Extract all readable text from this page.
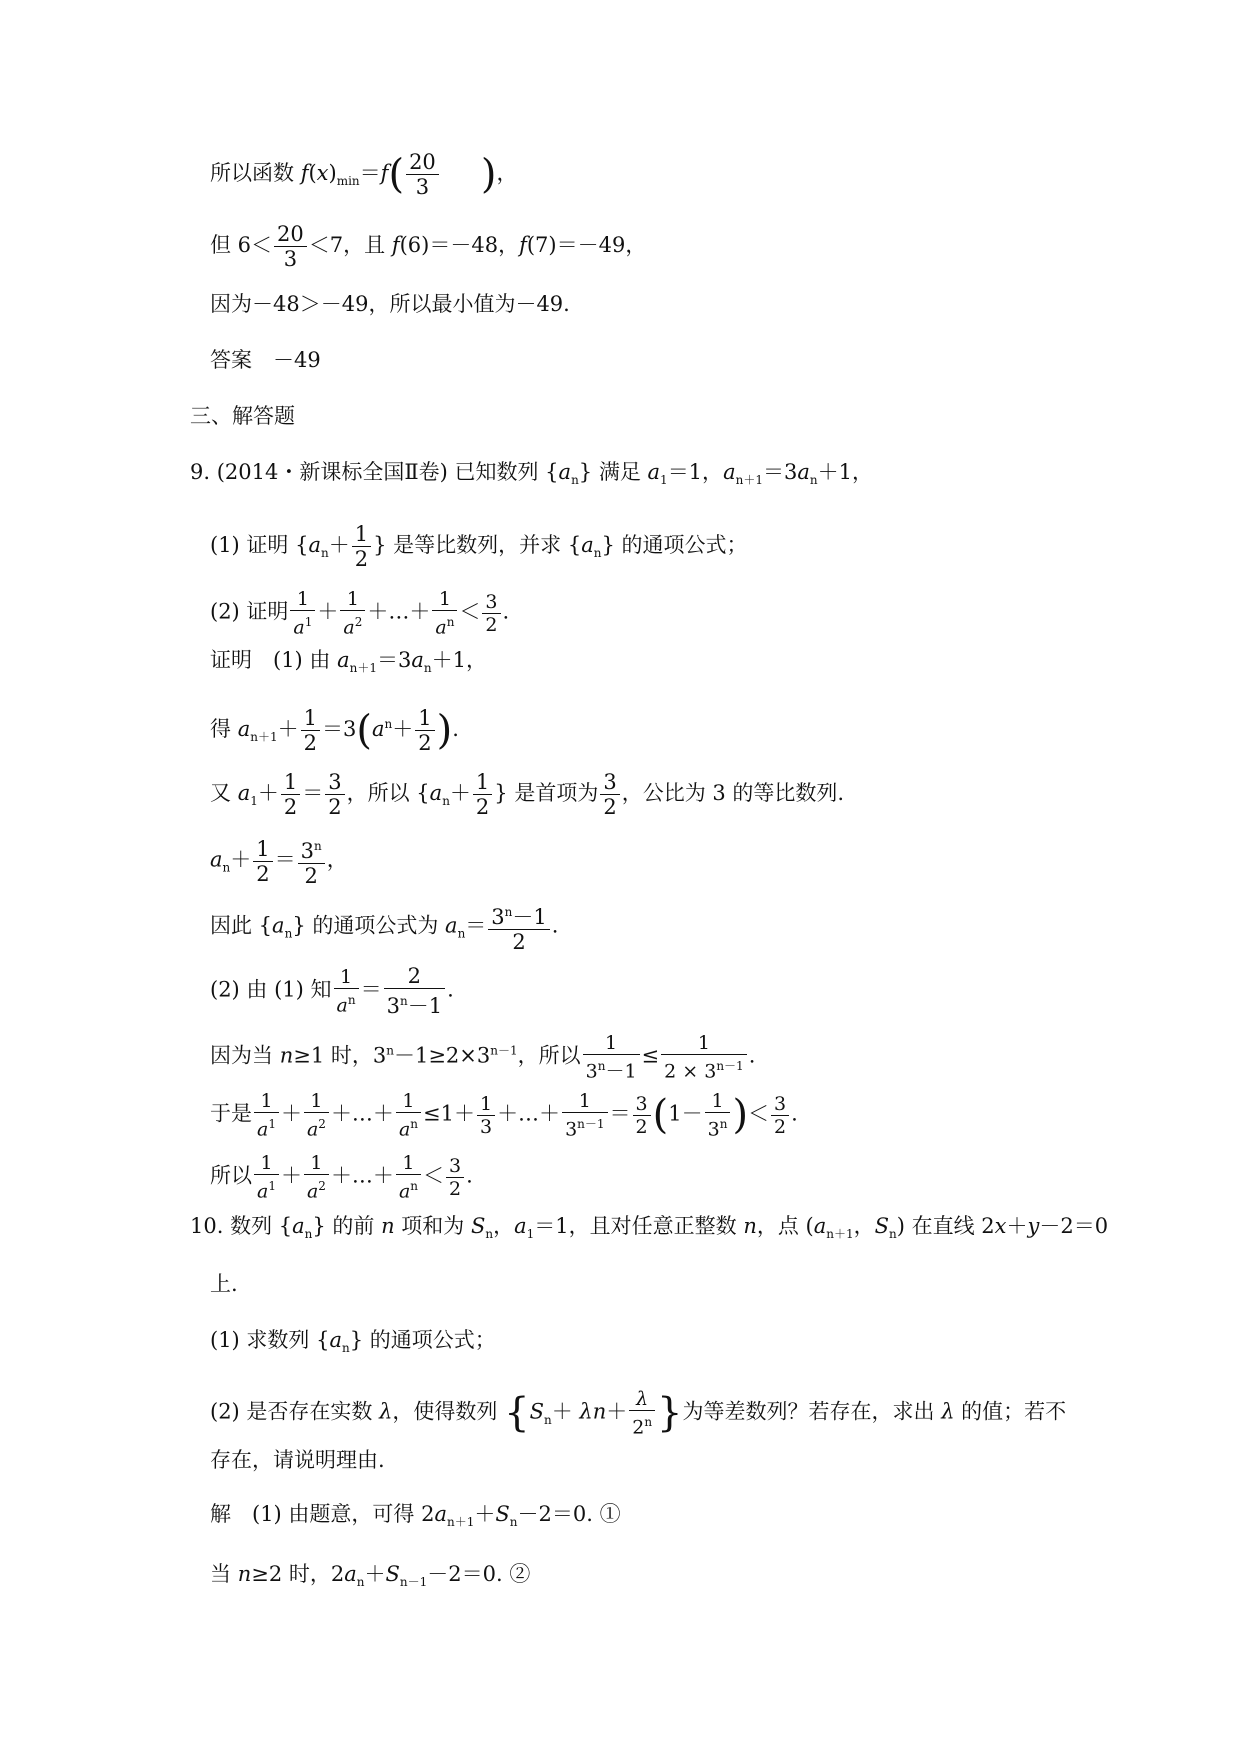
所以函数 $f(x)_{min}=f( \frac{20}{3}$ )，
但 $6< \frac{20}{3} <7$，且 f(6)＝－48，f(7)＝－49，
因为－48＞－49，所以最小值为－49.
答案　－49
三、解答题
9. (2014・新课标全国Ⅱ卷) 已知数列 $\{a_n\}$ 满足 $a_1=1$，$a_{n+1}=3a_n+1$，
(1) 证明 {$a_n+ \frac{1}{2}$ } 是等比数列，并求 $\{a_n\}$ 的通项公式；
(2) 证明 $\frac{1}{a^1} + \frac{1}{a^2}$ ＋…＋ $\frac{1}{a^n} < \frac{3}{2}$ .
证明　(1) 由 $a_{n+1}=3a_n+1$，
得 $a_{n+1}+ \frac{1}{2} =3(a^n+ \frac{1}{2}$ ).
又 $a_1+ \frac{1}{2} = \frac{3}{2}$ ，所以 {$a_n+ \frac{1}{2}$ } 是首项为 $\frac{3}{2}$ ，公比为 3 的等比数列.
$a_n+ \frac{1}{2} = \frac{3^n}{2}$ ，
因此 $\{a_n\}$ 的通项公式为 $a_n= \frac{3^n-1}{2}$ .
(2) 由 (1) 知 $\frac{1}{a^n} = \frac{2}{3^n-1}$ .
因为当 n≥1 时，$3^n-1\ge 2\times 3^{n-1}$，所以 $\frac{1}{3^n-1} \le \frac{1}{2 \times 3^{n-1}}$ .
于是 $\frac{1}{a^1} + \frac{1}{a^2}$ ＋…＋ $\frac{1}{a^n} \le 1+ \frac{1}{3}$ ＋…＋ $\frac{1}{3^{n-1}} = \frac{3}{2} (1- \frac{1}{3^n}$ )＜ $\frac{3}{2}$ .
所以 $\frac{1}{a^1} + \frac{1}{a^2}$ ＋…＋ $\frac{1}{a^n} < \frac{3}{2}$ .
10. 数列 $\{a_n\}$ 的前 n 项和为 $S_n$，$a_1=1$，且对任意正整数 n，点 ($a_{n+1}$，$S_n$) 在直线 2x＋y－2＝0
上.
(1) 求数列 $\{a_n\}$ 的通项公式；
(2) 是否存在实数 λ，使得数列 {$S_n+ \lambda n+ \frac{\lambda}{2^n}$ }为等差数列？若存在，求出 λ 的值；若不
存在，请说明理由.
解　(1) 由题意，可得 $2a_{n+1}+S_n-2=0$. ①
当 n≥2 时，$2a_n+S_{n-1}-2=0$. ②
